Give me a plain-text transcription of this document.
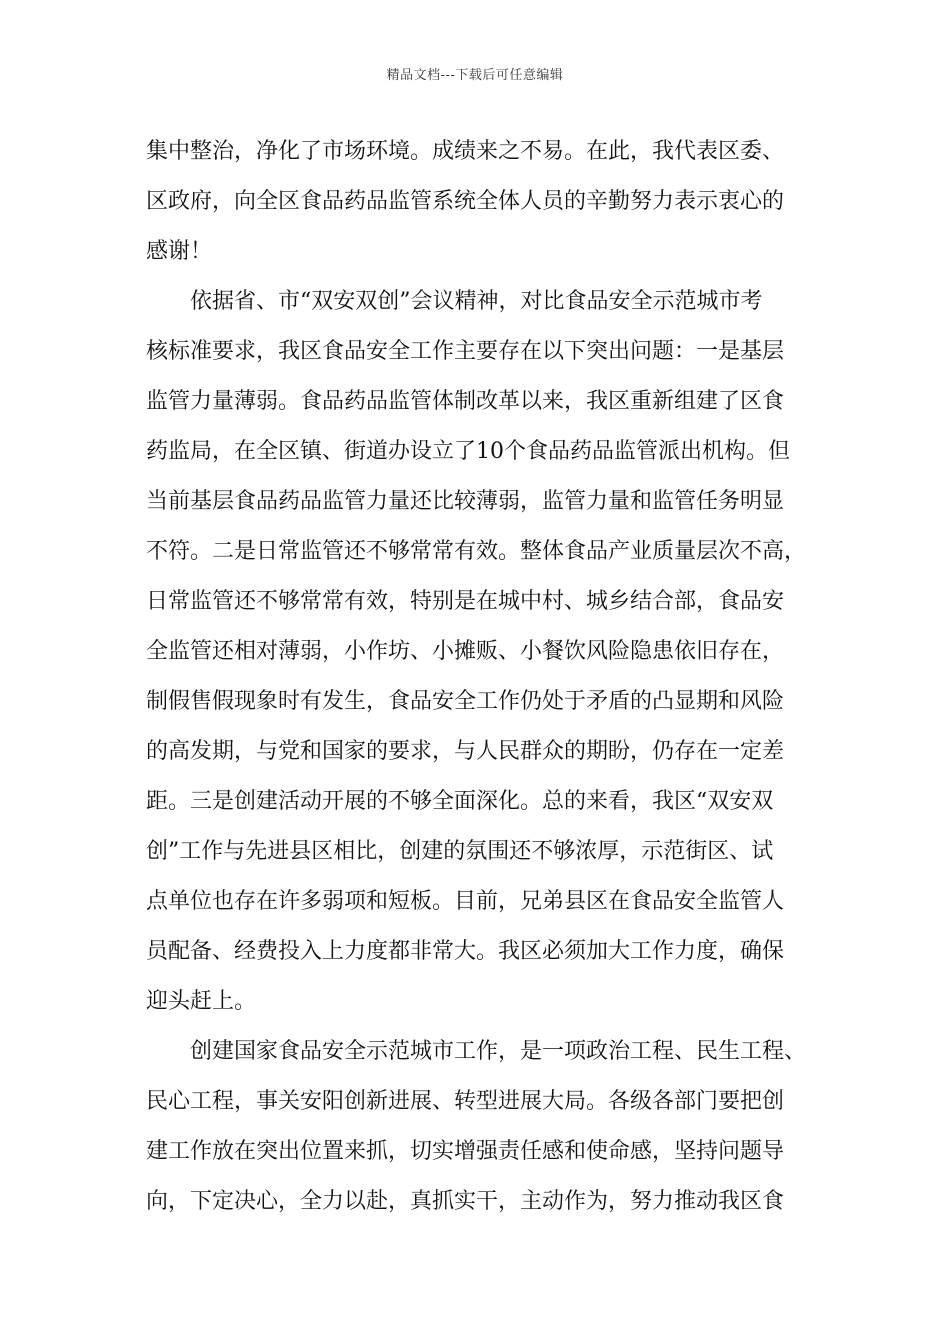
精品文档---下载后可任意编辑
集中整治，净化了市场环境。成绩来之不易。在此，我代表区委、
区政府，向全区食品药品监管系统全体人员的辛勤努力表示衷心的
感谢！
依据省、市“双安双创”会议精神，对比食品安全示范城市考
核标准要求，我区食品安全工作主要存在以下突出问题：一是基层
监管力量薄弱。食品药品监管体制改革以来，我区重新组建了区食
药监局，在全区镇、街道办设立了10个食品药品监管派出机构。但
当前基层食品药品监管力量还比较薄弱，监管力量和监管任务明显
不符。二是日常监管还不够常常有效。整体食品产业质量层次不高，
日常监管还不够常常有效，特别是在城中村、城乡结合部，食品安
全监管还相对薄弱，小作坊、小摊贩、小餐饮风险隐患依旧存在，
制假售假现象时有发生，食品安全工作仍处于矛盾的凸显期和风险
的高发期，与党和国家的要求，与人民群众的期盼，仍存在一定差
距。三是创建活动开展的不够全面深化。总的来看，我区“双安双
创”工作与先进县区相比，创建的氛围还不够浓厚，示范街区、试
点单位也存在许多弱项和短板。目前，兄弟县区在食品安全监管人
员配备、经费投入上力度都非常大。我区必须加大工作力度，确保
迎头赶上。
创建国家食品安全示范城市工作，是一项政治工程、民生工程、
民心工程，事关安阳创新进展、转型进展大局。各级各部门要把创
建工作放在突出位置来抓，切实增强责任感和使命感，坚持问题导
向，下定决心，全力以赴，真抓实干，主动作为，努力推动我区食
